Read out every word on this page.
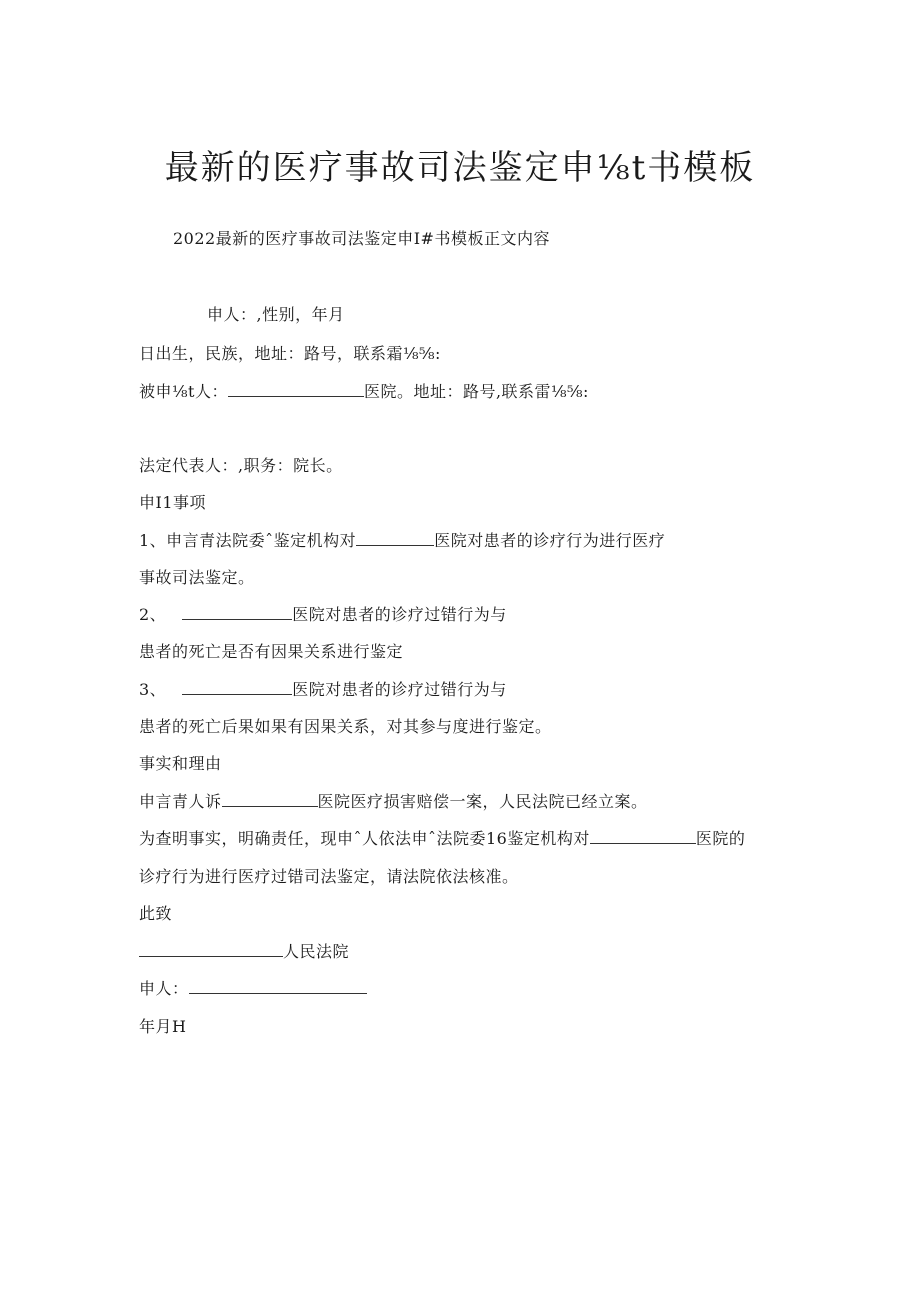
最新的医疗事故司法鉴定申⅛t书模板
2022最新的医疗事故司法鉴定申I#书模板正文内容
申人：,性别，年月
日出生，民族，地址：路号，联系霜⅛⅝:
被申⅛t人：	医院。地址：路号,联系雷⅛⅝:
法定代表人：,职务：院长。
申I1事项
1、申言青法院委ˆ鉴定机构对	医院对患者的诊疗行为进行医疗
事故司法鉴定。
2、	医院对患者的诊疗过错行为与
患者的死亡是否有因果关系进行鉴定
3、	医院对患者的诊疗过错行为与
患者的死亡后果如果有因果关系，对其参与度进行鉴定。
事实和理由
申言青人诉	医院医疗损害赔偿一案，人民法院已经立案。
为查明事实，明确责任，现申ˆ人依法申ˆ法院委16鉴定机构对	医院的
诊疗行为进行医疗过错司法鉴定，请法院依法核准。
此致
人民法院
申人：
年月H
